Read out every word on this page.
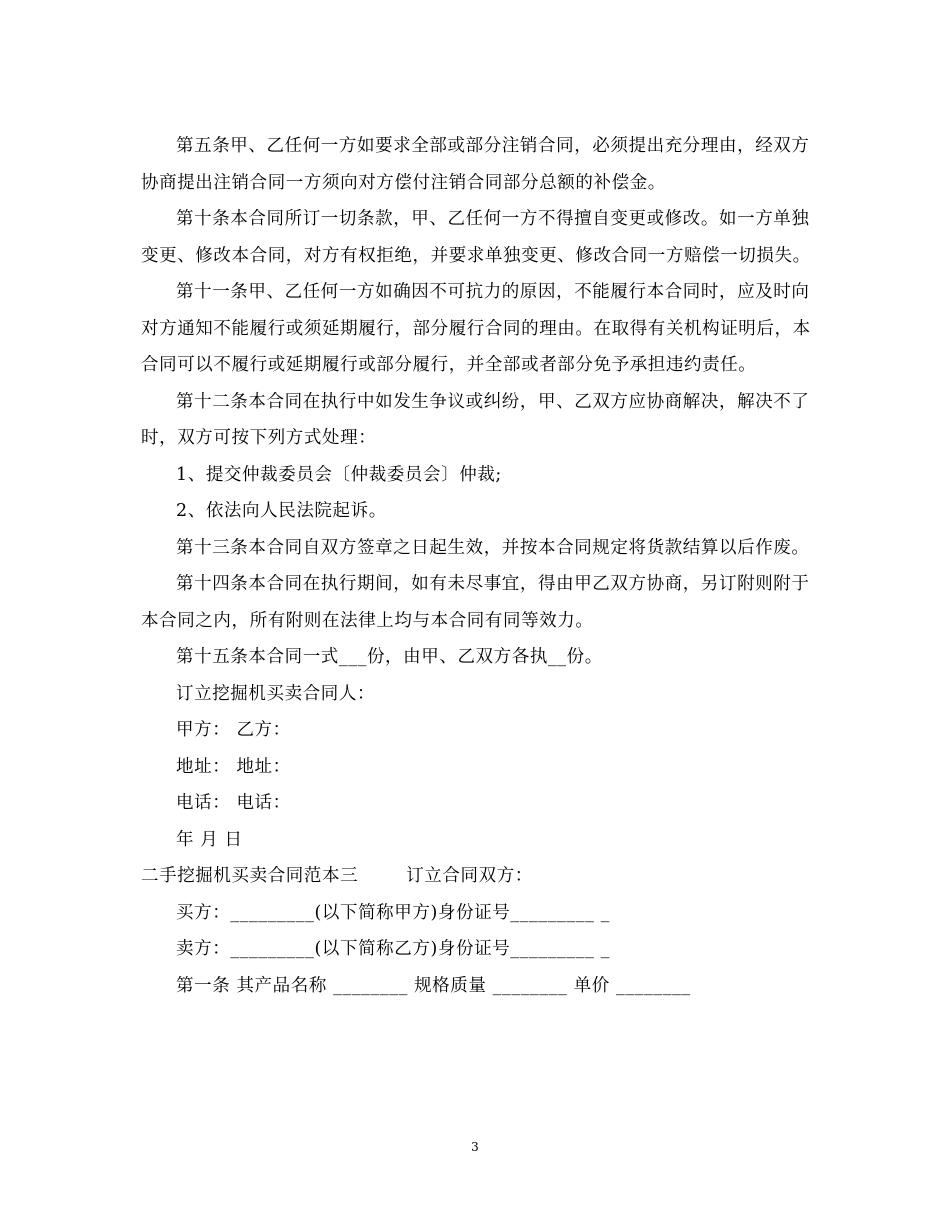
第五条甲、乙任何一方如要求全部或部分注销合同，必须提出充分理由，经双方协商提出注销合同一方须向对方偿付注销合同部分总额的补偿金。

第十条本合同所订一切条款，甲、乙任何一方不得擅自变更或修改。如一方单独变更、修改本合同，对方有权拒绝，并要求单独变更、修改合同一方赔偿一切损失。

第十一条甲、乙任何一方如确因不可抗力的原因，不能履行本合同时，应及时向对方通知不能履行或须延期履行，部分履行合同的理由。在取得有关机构证明后，本合同可以不履行或延期履行或部分履行，并全部或者部分免予承担违约责任。

第十二条本合同在执行中如发生争议或纠纷，甲、乙双方应协商解决，解决不了时，双方可按下列方式处理：

1、提交仲裁委员会〔仲裁委员会〕仲裁;

2、依法向人民法院起诉。

第十三条本合同自双方签章之日起生效，并按本合同规定将货款结算以后作废。

第十四条本合同在执行期间，如有未尽事宜，得由甲乙双方协商，另订附则附于本合同之内，所有附则在法律上均与本合同有同等效力。

第十五条本合同一式___份，由甲、乙双方各执__份。

订立挖掘机买卖合同人：

甲方： 乙方：

地址： 地址：

电话： 电话：

年 月 日

二手挖掘机买卖合同范本三	订立合同双方：

买方：_________(以下简称甲方)身份证号_________ _

卖方：_________(以下简称乙方)身份证号_________ _

第一条 其产品名称 ________ 规格质量 ________ 单价 ________

3
